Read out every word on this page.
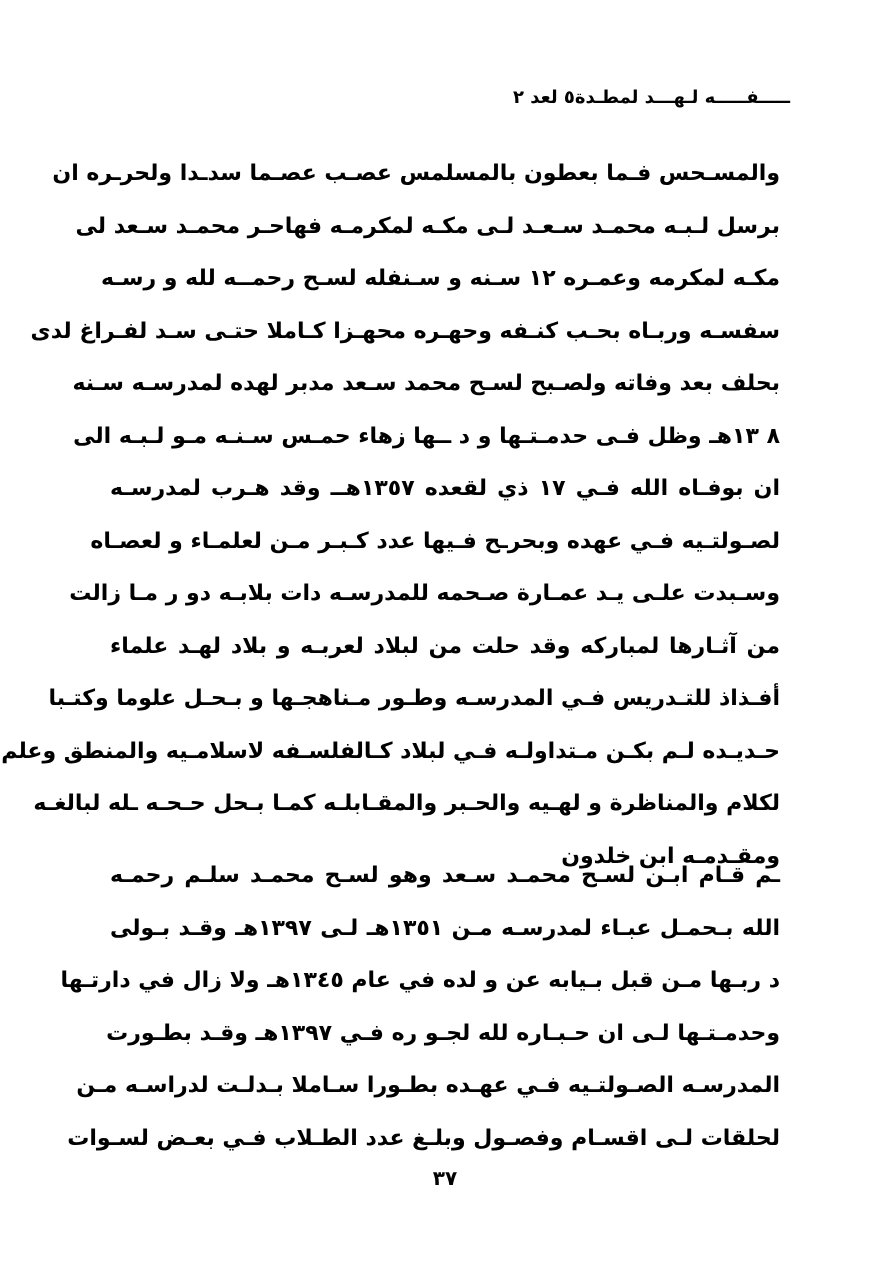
ـــــفـــــه لـهـــد لمطـدة٥ لعد ٢
والمسـحس فـما بعطون بالمسلمس عصـب عصـما سدـدا ولحرـره ان
برسل لـبـه محمـد سـعـد لـى مكـه لمكرمـه فهاحـر محمـد سـعد لى
مكـه لمكرمه وعمـره ١٢ سـنه و سـنفله لسـح رحمــه لله و رسـه
سفسـه وربـاه بحـب كنـفه وحهـره محهـزا كـاملا حتـى سـد لفـراغ لدى
بحلف بعد وفاته ولصـبح لسـح محمد سـعد مدبر لهده لمدرسـه سـنه
٨ ١٣هـ وظل فـى حدمـتـها و د ــها زهاء حمـس سـنـه مـو لـبـه الى
ان بوفـاه الله فـي ١٧ ذي لقعده ١٣٥٧هــ وقد هـرب لمدرسـه
لصـولتـيه فـي عهده وبحرـح فـيها عدد كـبـر مـن لعلمـاء و لعصـاه
وسـبدت علـى يـد عمـارة صـحمه للمدرسـه دات بلابـه دو ر مـا زالت
من آثـارها لمباركه وقد حلت من لبلاد لعربـه و بلاد لهـد علماء
أفـذاذ للتـدريس فـي المدرسـه وطـور مـناهجـها و بـحـل علوما وكتـبا
حـديـده لـم بكـن مـتداولـه فـي لبلاد كـالفلسـفه لاسلامـيه والمنطق وعلم
لكلام والمناظرة و لهـيه والحـبر والمقـابلـه كمـا بـحل حـحـه ـله لبالغـه
ومقـدمـه ابن خلدون
ـم قـام ابـن لسـح محمـد سـعد وهو لسـح محمـد سلـم رحمـه
الله بـحمـل عبـاء لمدرسـه مـن ١٣٥١هـ لـى ١٣٩٧هـ وقـد بـولى
د ربـها مـن قبل بـيابه عن و لده في عام ١٣٤٥هـ ولا زال في دارتـها
وحدمـتـها لـى ان حـبـاره لله لجـو ره فـي ١٣٩٧هـ وقـد بطـورت
المدرسـه الصـولتـيه فـي عهـده بطـورا سـاملا بـدلـت لدراسـه مـن
لحلقات لـى اقسـام وفصـول وبلـغ عدد الطـلاب فـي بعـض لسـوات
٣٧
